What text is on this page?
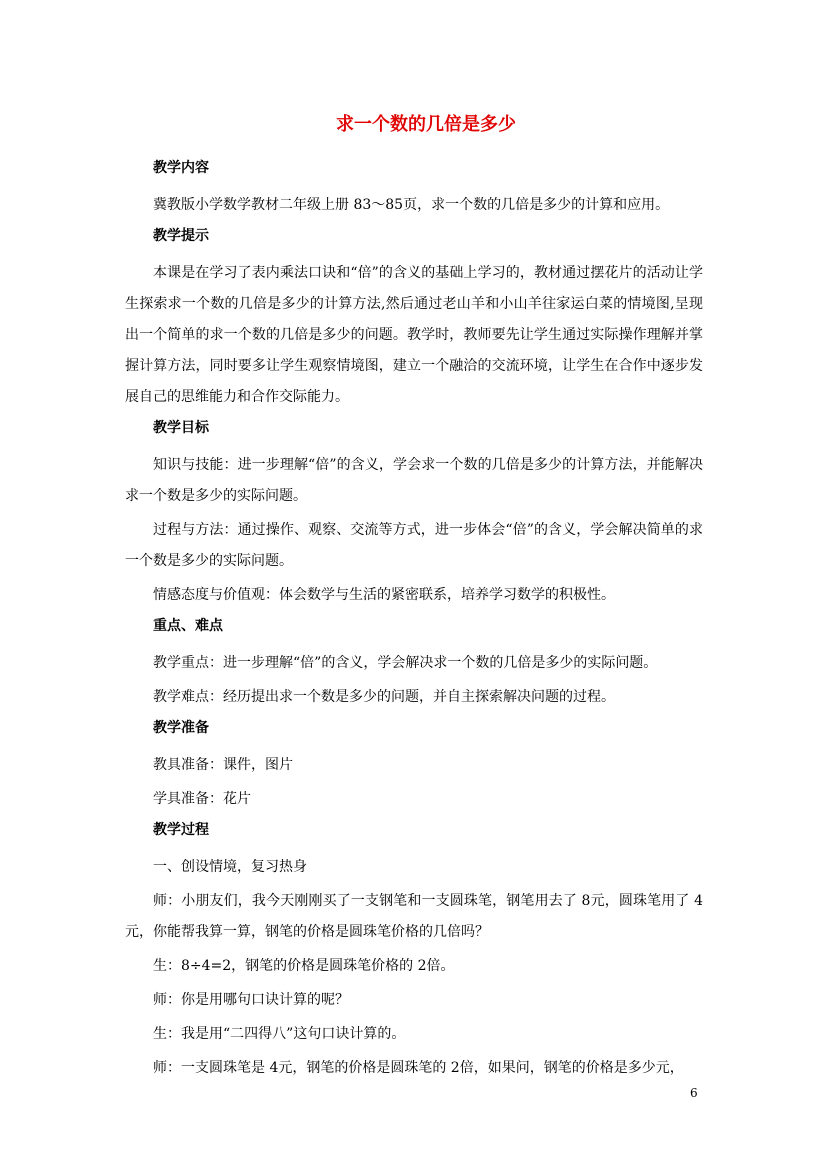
求一个数的几倍是多少
教学内容
冀教版小学数学教材二年级上册 83～85页，求一个数的几倍是多少的计算和应用。
教学提示
本课是在学习了表内乘法口诀和“倍”的含义的基础上学习的，教材通过摆花片的活动让学生探索求一个数的几倍是多少的计算方法,然后通过老山羊和小山羊往家运白菜的情境图,呈现出一个简单的求一个数的几倍是多少的问题。教学时，教师要先让学生通过实际操作理解并掌握计算方法，同时要多让学生观察情境图，建立一个融洽的交流环境，让学生在合作中逐步发展自己的思维能力和合作交际能力。
教学目标
知识与技能：进一步理解“倍”的含义，学会求一个数的几倍是多少的计算方法，并能解决求一个数是多少的实际问题。
过程与方法：通过操作、观察、交流等方式，进一步体会“倍”的含义，学会解决简单的求一个数是多少的实际问题。
情感态度与价值观：体会数学与生活的紧密联系，培养学习数学的积极性。
重点、难点
教学重点：进一步理解“倍”的含义，学会解决求一个数的几倍是多少的实际问题。
教学难点：经历提出求一个数是多少的问题，并自主探索解决问题的过程。
教学准备
教具准备：课件，图片
学具准备：花片
教学过程
一、创设情境，复习热身
师：小朋友们，我今天刚刚买了一支钢笔和一支圆珠笔，钢笔用去了 8元，圆珠笔用了 4元，你能帮我算一算，钢笔的价格是圆珠笔价格的几倍吗？
生：8÷4=2，钢笔的价格是圆珠笔价格的 2倍。
师：你是用哪句口诀计算的呢？
生：我是用“二四得八”这句口诀计算的。
师：一支圆珠笔是 4元，钢笔的价格是圆珠笔的 2倍，如果问，钢笔的价格是多少元，
6
